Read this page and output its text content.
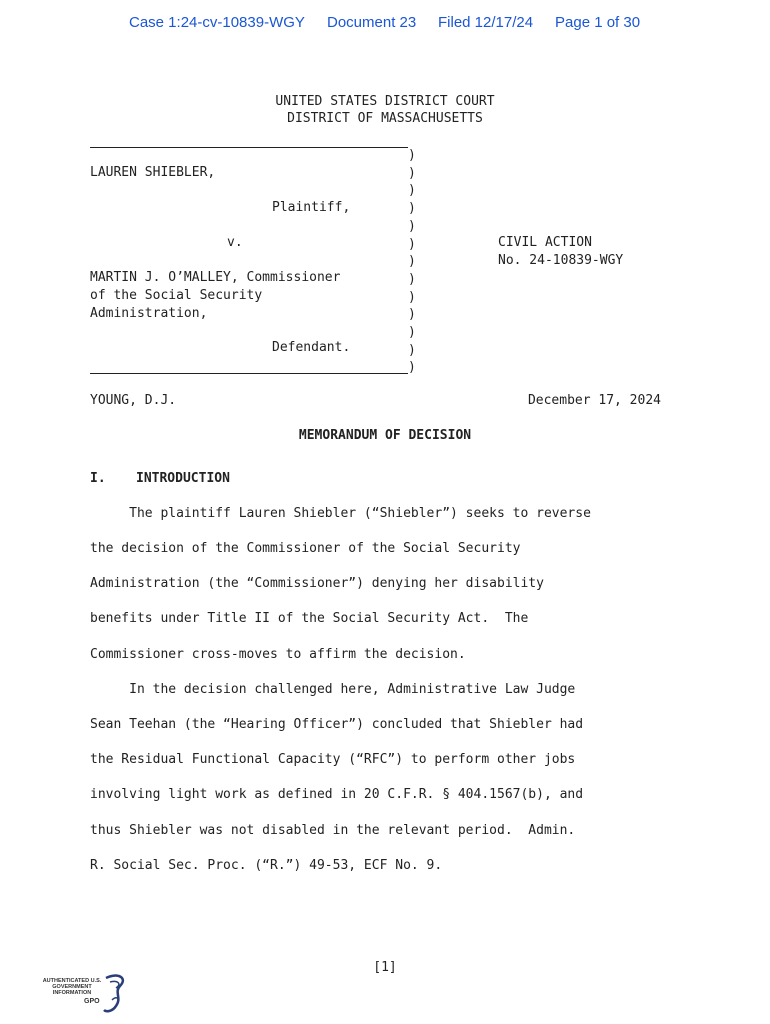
Case 1:24-cv-10839-WGY Document 23 Filed 12/17/24 Page 1 of 30
UNITED STATES DISTRICT COURT
DISTRICT OF MASSACHUSETTS
)
)
)
)
)
)
)
)
)
)
)
)
)
LAUREN SHIEBLER,
Plaintiff,
v.
MARTIN J. O’MALLEY, Commissioner
of the Social Security
Administration,
Defendant.
CIVIL ACTION
No. 24-10839-WGY
YOUNG, D.J.	December 17, 2024
MEMORANDUM OF DECISION
I. INTRODUCTION
The plaintiff Lauren Shiebler (“Shiebler”) seeks to reverse
the decision of the Commissioner of the Social Security
Administration (the “Commissioner”) denying her disability
benefits under Title II of the Social Security Act.  The
Commissioner cross-moves to affirm the decision.
In the decision challenged here, Administrative Law Judge
Sean Teehan (the “Hearing Officer”) concluded that Shiebler had
the Residual Functional Capacity (“RFC”) to perform other jobs
involving light work as defined in 20 C.F.R. § 404.1567(b), and
thus Shiebler was not disabled in the relevant period.  Admin.
R. Social Sec. Proc. (“R.”) 49-53, ECF No. 9.
[1]
AUTHENTICATED U.S. GOVERNMENT INFORMATION
GPO
